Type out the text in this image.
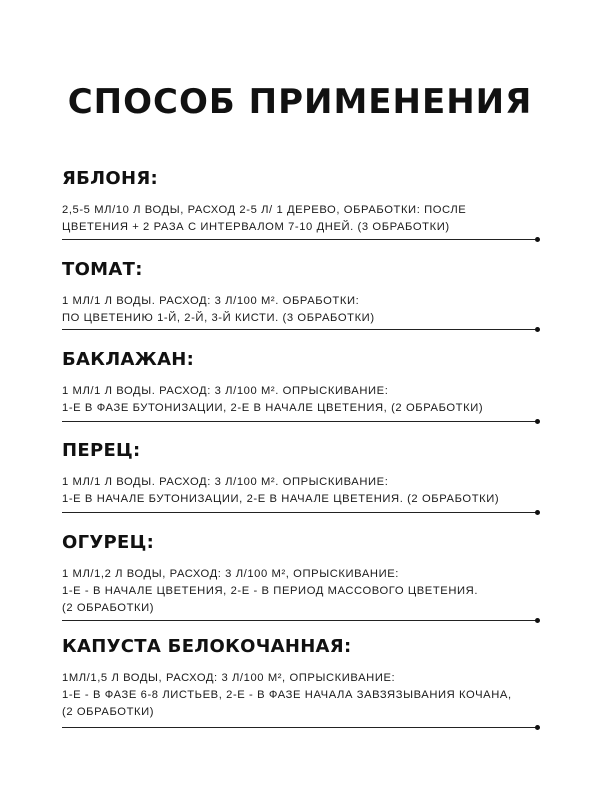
СПОСОБ ПРИМЕНЕНИЯ
ЯБЛОНЯ:
2,5-5 МЛ/10 Л ВОДЫ, РАСХОД 2-5 Л/ 1 ДЕРЕВО, ОБРАБОТКИ: ПОСЛЕ
ЦВЕТЕНИЯ + 2 РАЗА С ИНТЕРВАЛОМ 7-10 ДНЕЙ. (3 ОБРАБОТКИ)
ТОМАТ:
1 МЛ/1 Л ВОДЫ. РАСХОД: 3 Л/100 М². ОБРАБОТКИ:
ПО ЦВЕТЕНИЮ 1-Й, 2-Й, 3-Й КИСТИ. (3 ОБРАБОТКИ)
БАКЛАЖАН:
1 МЛ/1 Л ВОДЫ. РАСХОД: 3 Л/100 М². ОПРЫСКИВАНИЕ:
1-Е В ФАЗЕ БУТОНИЗАЦИИ, 2-Е В НАЧАЛЕ ЦВЕТЕНИЯ, (2 ОБРАБОТКИ)
ПЕРЕЦ:
1 МЛ/1 Л ВОДЫ. РАСХОД: 3 Л/100 М². ОПРЫСКИВАНИЕ:
1-Е В НАЧАЛЕ БУТОНИЗАЦИИ, 2-Е В НАЧАЛЕ ЦВЕТЕНИЯ. (2 ОБРАБОТКИ)
ОГУРЕЦ:
1 МЛ/1,2 Л ВОДЫ, РАСХОД: 3 Л/100 М², ОПРЫСКИВАНИЕ:
1-Е - В НАЧАЛЕ ЦВЕТЕНИЯ, 2-Е - В ПЕРИОД МАССОВОГО ЦВЕТЕНИЯ.
(2 ОБРАБОТКИ)
КАПУСТА БЕЛОКОЧАННАЯ:
1МЛ/1,5 Л ВОДЫ, РАСХОД: 3 Л/100 М², ОПРЫСКИВАНИЕ:
1-Е - В ФАЗЕ 6-8 ЛИСТЬЕВ, 2-Е - В ФАЗЕ НАЧАЛА ЗАВЗЯЗЫВАНИЯ КОЧАНА,
(2 ОБРАБОТКИ)
